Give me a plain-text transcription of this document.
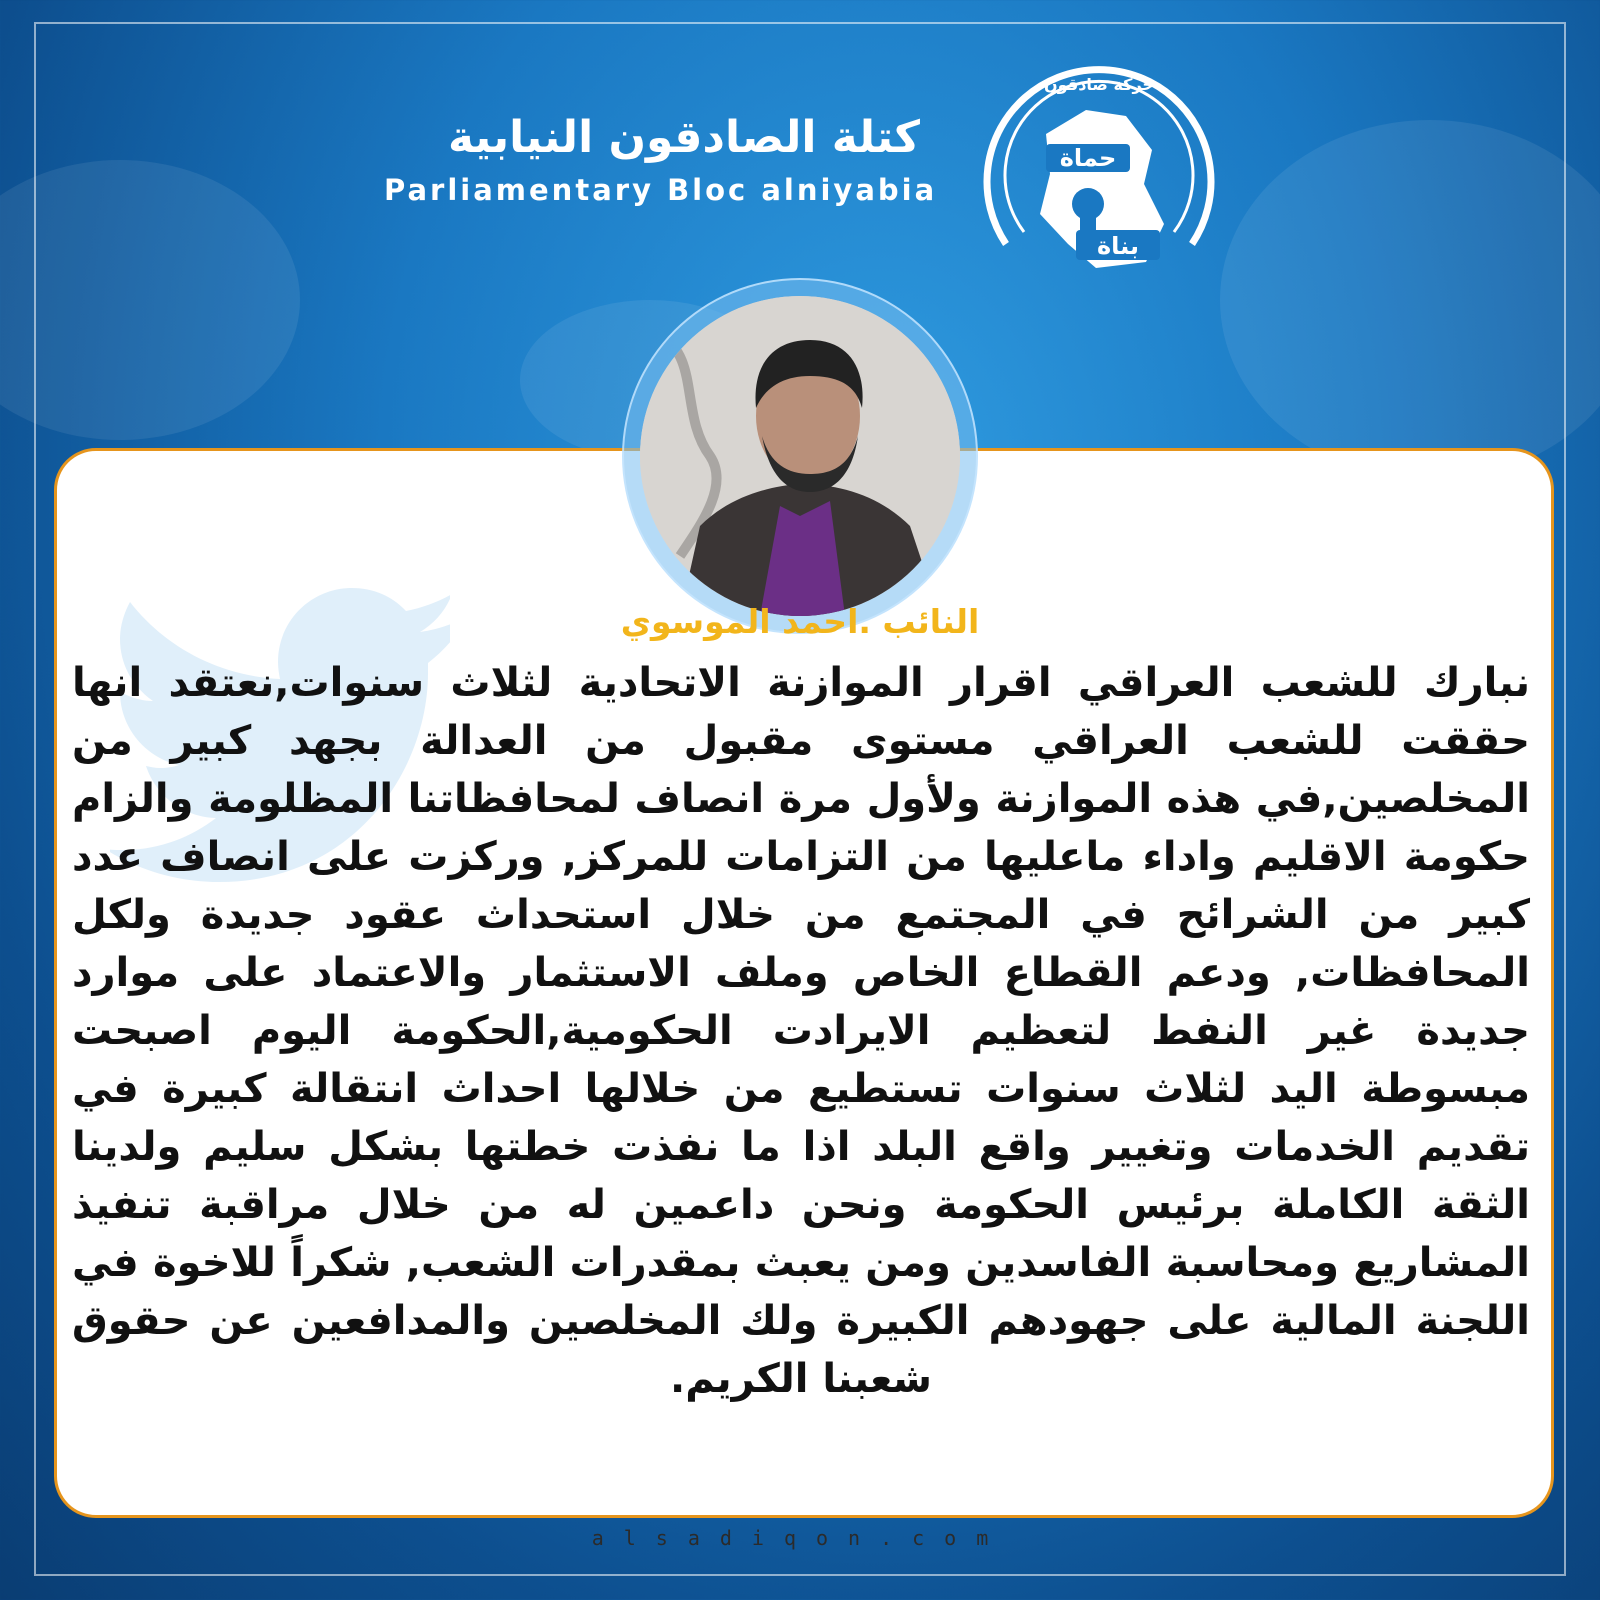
كتلة الصادقون النيابية
Parliamentary Bloc alniyabia
حماة
بناة
حركة صادقون
النائب .احمد الموسوي
نبارك للشعب العراقي اقرار الموازنة الاتحادية لثلاث سنوات,نعتقد انها حققت للشعب العراقي مستوى مقبول من العدالة بجهد كبير من المخلصين,في هذه الموازنة ولأول مرة انصاف لمحافظاتنا المظلومة والزام حكومة الاقليم واداء ماعليها من التزامات للمركز, وركزت على انصاف عدد كبير من الشرائح في المجتمع من خلال استحداث عقود جديدة ولكل المحافظات, ودعم القطاع الخاص وملف الاستثمار والاعتماد على موارد جديدة غير النفط لتعظيم الايرادت الحكومية,الحكومة اليوم اصبحت مبسوطة اليد لثلاث سنوات تستطيع من خلالها احداث انتقالة كبيرة في تقديم الخدمات وتغيير واقع البلد اذا ما نفذت خطتها بشكل سليم ولدينا الثقة الكاملة برئيس الحكومة ونحن داعمين له من خلال مراقبة تنفيذ المشاريع ومحاسبة الفاسدين ومن يعبث بمقدرات الشعب, شكراً للاخوة في اللجنة المالية على جهودهم الكبيرة ولك المخلصين والمدافعين عن حقوق شعبنا الكريم.
alsadiqon.com
